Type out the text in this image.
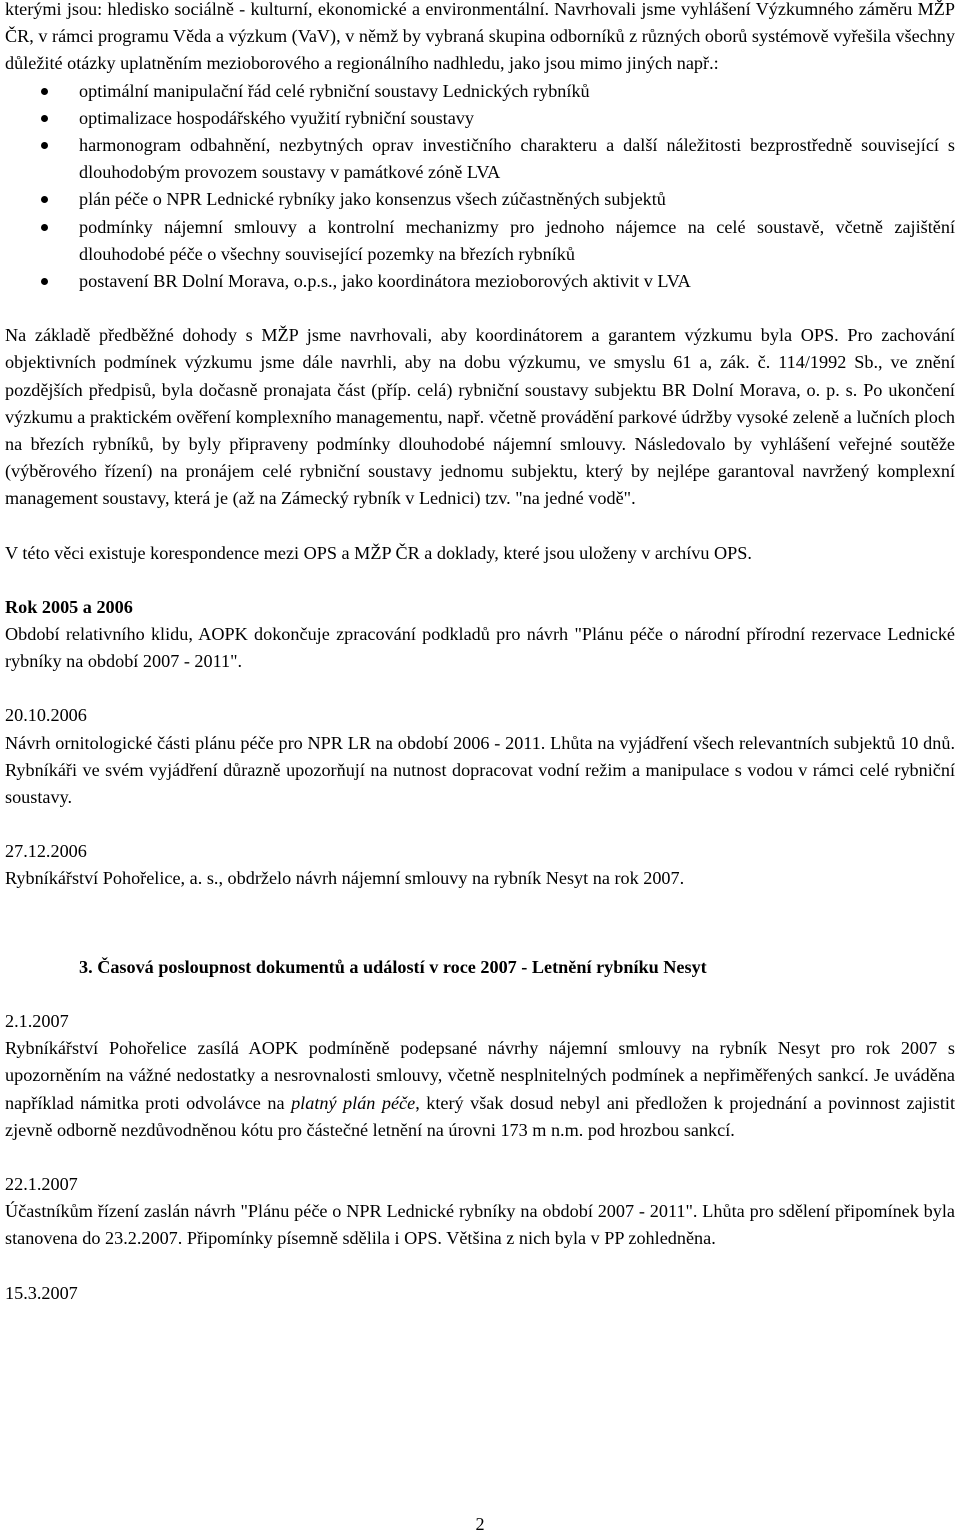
kterými jsou: hledisko sociálně - kulturní, ekonomické a environmentální. Navrhovali jsme vyhlášení Výzkumného záměru MŽP ČR, v rámci programu Věda a výzkum (VaV), v němž by vybraná skupina odborníků z různých oborů systémově vyřešila všechny důležité otázky uplatněním mezioborového a regionálního nadhledu, jako jsou mimo jiných např.:

optimální manipulační řád celé rybniční soustavy Lednických rybníků
optimalizace hospodářského využití rybniční soustavy
harmonogram odbahnění, nezbytných oprav investičního charakteru a další náležitosti bezprostředně související s dlouhodobým provozem soustavy v památkové zóně LVA
plán péče o NPR Lednické rybníky jako konsenzus všech zúčastněných subjektů
podmínky nájemní smlouvy a kontrolní mechanizmy pro jednoho nájemce na celé soustavě, včetně zajištění dlouhodobé péče o všechny související pozemky na březích rybníků
postavení BR Dolní Morava, o.p.s., jako koordinátora mezioborových aktivit v LVA

Na základě předběžné dohody s MŽP jsme navrhovali, aby koordinátorem a garantem výzkumu byla OPS. Pro zachování objektivních podmínek výzkumu jsme dále navrhli, aby na dobu výzkumu, ve smyslu 61 a, zák. č. 114/1992 Sb., ve znění pozdějších předpisů, byla dočasně pronajata část (příp. celá) rybniční soustavy subjektu BR Dolní Morava, o. p. s. Po ukončení výzkumu a praktickém ověření komplexního managementu, např. včetně provádění parkové údržby vysoké zeleně a lučních ploch na březích rybníků, by byly připraveny podmínky dlouhodobé nájemní smlouvy. Následovalo by vyhlášení veřejné soutěže (výběrového řízení) na pronájem celé rybniční soustavy jednomu subjektu, který by nejlépe garantoval navržený komplexní management soustavy, která je (až na Zámecký rybník v Lednici) tzv. "na jedné vodě".

V této věci existuje korespondence mezi OPS a MŽP ČR a doklady, které jsou uloženy v archívu OPS.

Rok 2005 a 2006

Období relativního klidu, AOPK dokončuje zpracování podkladů pro návrh "Plánu péče o národní přírodní rezervace Lednické rybníky na období 2007 - 2011".

20.10.2006

Návrh ornitologické části plánu péče pro NPR LR na období 2006 - 2011. Lhůta na vyjádření všech relevantních subjektů 10 dnů. Rybníkáři ve svém vyjádření důrazně upozorňují na nutnost dopracovat vodní režim a manipulace s vodou v rámci celé rybniční soustavy.

27.12.2006

Rybníkářství Pohořelice, a. s., obdrželo návrh nájemní smlouvy na rybník Nesyt na rok 2007.

3. Časová posloupnost dokumentů a událostí v roce 2007 - Letnění rybníku Nesyt

2.1.2007

Rybníkářství Pohořelice zasílá AOPK podmíněně podepsané návrhy nájemní smlouvy na rybník Nesyt pro rok 2007 s upozorněním na vážné nedostatky a nesrovnalosti smlouvy, včetně nesplnitelných podmínek a nepřiměřených sankcí. Je uváděna například námitka proti odvolávce na platný plán péče, který však dosud nebyl ani předložen k projednání a povinnost zajistit zjevně odborně nezdůvodněnou kótu pro částečné letnění na úrovni 173 m n.m. pod hrozbou sankcí.

22.1.2007

Účastníkům řízení zaslán návrh "Plánu péče o NPR Lednické rybníky na období 2007 - 2011". Lhůta pro sdělení připomínek byla stanovena do 23.2.2007. Připomínky písemně sdělila i OPS. Většina z nich byla v PP zohledněna.

15.3.2007

2
